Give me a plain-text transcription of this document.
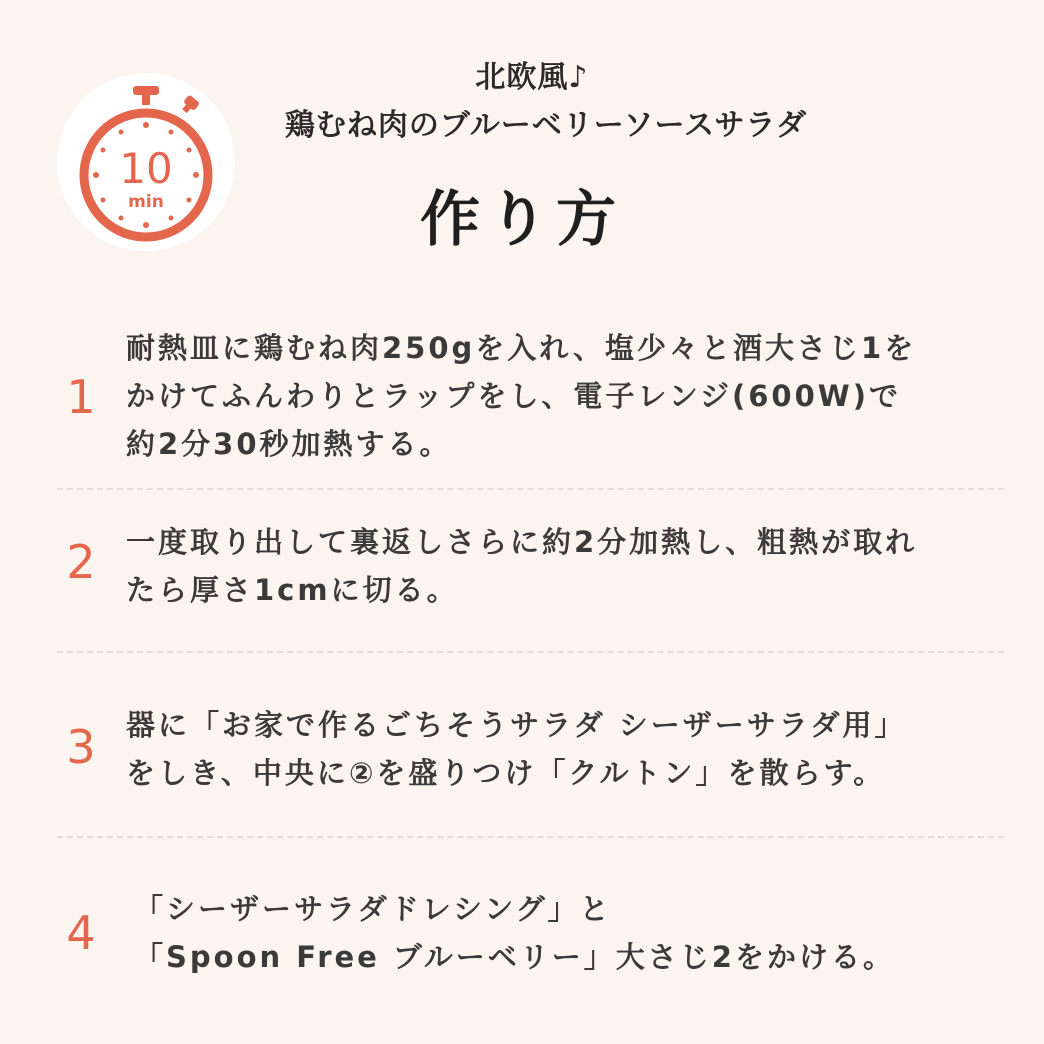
10
min
北欧風♪
鶏むね肉のブルーベリーソースサラダ
作り方
1
耐熱皿に鶏むね肉250gを入れ、塩少々と酒大さじ1を
かけてふんわりとラップをし、電子レンジ(600W)で
約2分30秒加熱する。
2	一度取り出して裏返しさらに約2分加熱し、粗熱が取れ
たら厚さ1cmに切る。
3	器に「お家で作るごちそうサラダ シーザーサラダ用」
をしき、中央に②を盛りつけ「クルトン」を散らす。
4	「シーザーサラダドレシング」と
「Spoon Free ブルーベリー」大さじ2をかける。
